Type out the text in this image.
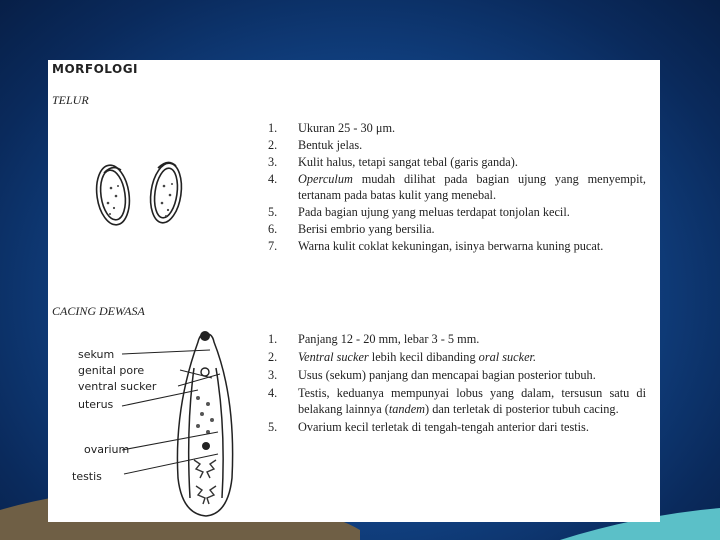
MORFOLOGI
TELUR
1. Ukuran 25 - 30 μm.
2. Bentuk jelas.
3. Kulit halus, tetapi sangat tebal (garis ganda).
4. Operculum mudah dilihat pada bagian ujung yang menyempit, tertanam pada batas kulit yang menebal.
5. Pada bagian ujung yang meluas terdapat tonjolan kecil.
6. Berisi embrio yang bersilia.
7. Warna kulit coklat kekuningan, isinya berwarna kuning pucat.
CACING DEWASA
sekum
genital pore
ventral sucker
uterus
ovarium
testis
1. Panjang 12 - 20 mm, lebar 3 - 5 mm.
2. Ventral sucker lebih kecil dibanding oral sucker.
3. Usus (sekum) panjang dan mencapai bagian posterior tubuh.
4. Testis, keduanya mempunyai lobus yang dalam, tersusun satu di belakang lainnya (tandem) dan terletak di posterior tubuh cacing.
5. Ovarium kecil terletak di tengah-tengah anterior dari testis.
